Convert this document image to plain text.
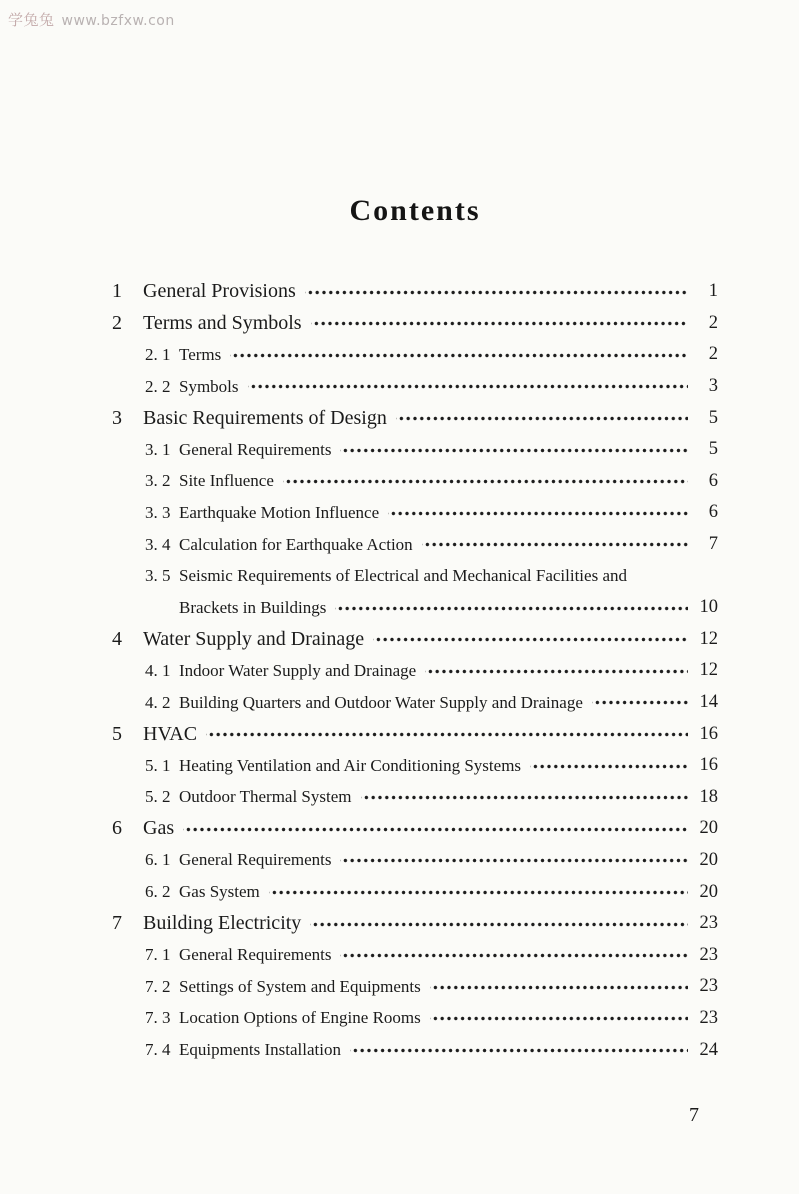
学兔兔 www.bzfxw.con
Contents
1	General Provisions	1
2	Terms and Symbols	2
2. 1 Terms	2
2. 2 Symbols	3
3	Basic Requirements of Design	5
3. 1 General Requirements	5
3. 2 Site Influence	6
3. 3 Earthquake Motion Influence	6
3. 4 Calculation for Earthquake Action	7
3. 5 Seismic Requirements of Electrical and Mechanical Facilities and
Brackets in Buildings	10
4	Water Supply and Drainage	12
4. 1 Indoor Water Supply and Drainage	12
4. 2 Building Quarters and Outdoor Water Supply and Drainage	14
5	HVAC	16
5. 1 Heating Ventilation and Air Conditioning Systems	16
5. 2 Outdoor Thermal System	18
6	Gas	20
6. 1 General Requirements	20
6. 2 Gas System	20
7	Building Electricity	23
7. 1 General Requirements	23
7. 2 Settings of System and Equipments	23
7. 3 Location Options of Engine Rooms	23
7. 4 Equipments Installation	24
7
